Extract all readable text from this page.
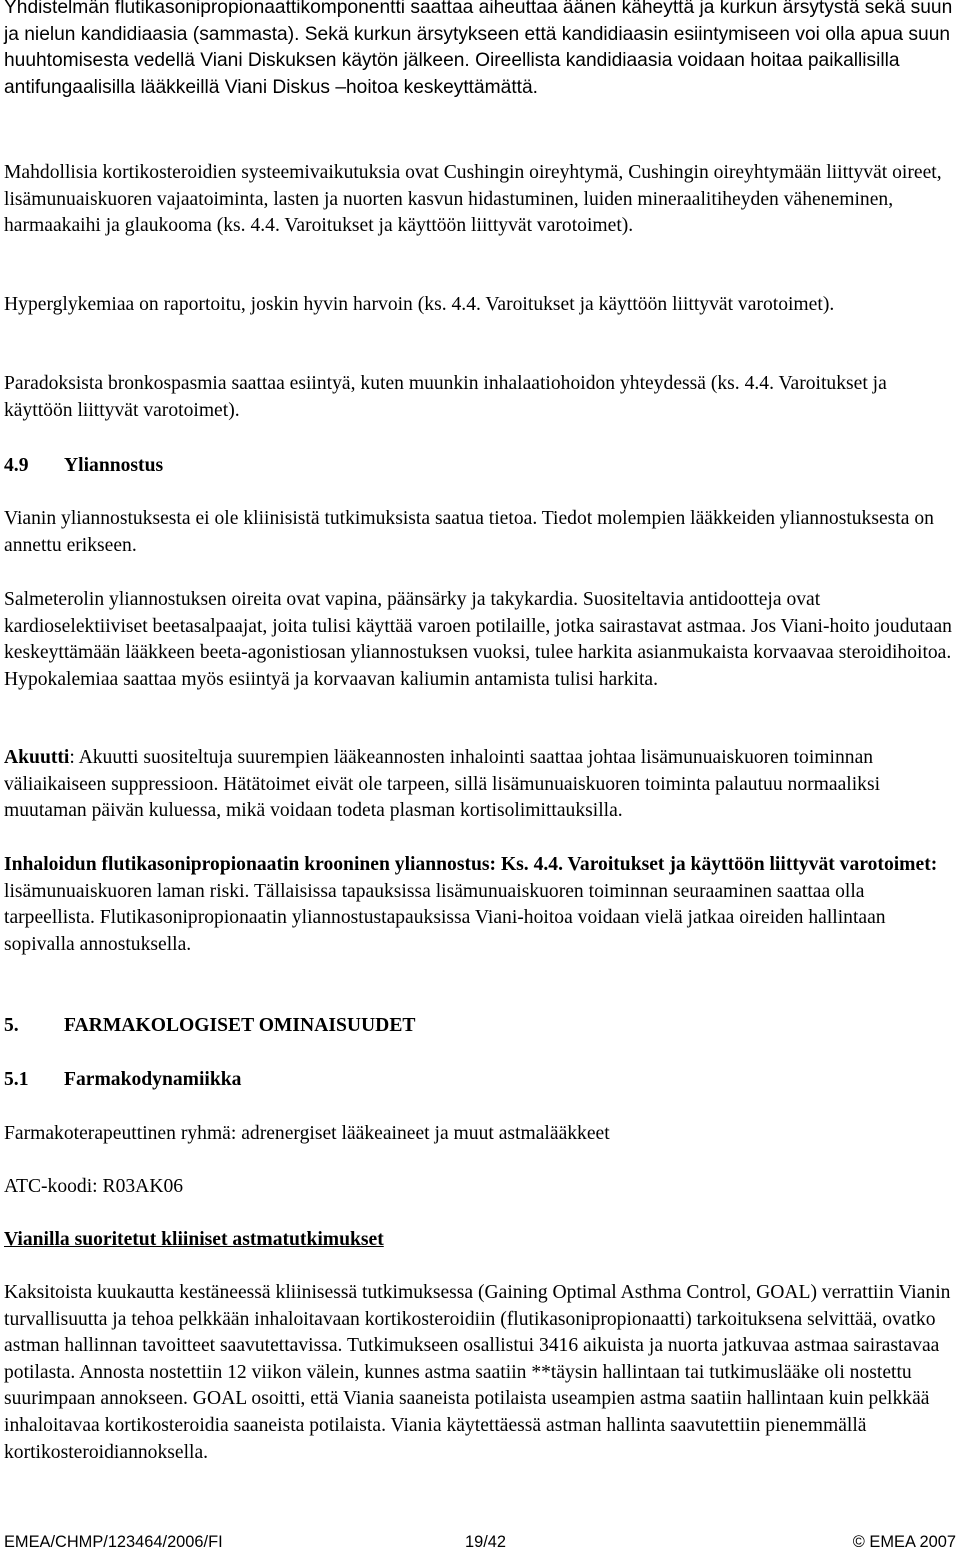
Yhdistelmän flutikasonipropionaattikomponentti saattaa aiheuttaa äänen käheyttä ja kurkun ärsytystä sekä suun ja nielun kandidiaasia (sammasta). Sekä kurkun ärsytykseen että kandidiaasin esiintymiseen voi olla apua suun huuhtomisesta vedellä Viani Diskuksen käytön jälkeen. Oireellista kandidiaasia voidaan hoitaa paikallisilla antifungaalisilla lääkkeillä Viani Diskus –hoitoa keskeyttämättä.

Mahdollisia kortikosteroidien systeemivaikutuksia ovat Cushingin oireyhtymä, Cushingin oireyhtymään liittyvät oireet, lisämunuaiskuoren vajaatoiminta, lasten ja nuorten kasvun hidastuminen, luiden mineraalitiheyden väheneminen, harmaakaihi ja glaukooma (ks. 4.4. Varoitukset ja käyttöön liittyvät varotoimet).

Hyperglykemiaa on raportoitu, joskin hyvin harvoin (ks. 4.4. Varoitukset ja käyttöön liittyvät varotoimet).

Paradoksista bronkospasmia saattaa esiintyä, kuten muunkin inhalaatiohoidon yhteydessä (ks. 4.4. Varoitukset ja käyttöön liittyvät varotoimet).

4.9 Yliannostus

Vianin yliannostuksesta ei ole kliinisistä tutkimuksista saatua tietoa. Tiedot molempien lääkkeiden yliannostuksesta on annettu erikseen.

Salmeterolin yliannostuksen oireita ovat vapina, päänsärky ja takykardia. Suositeltavia antidootteja ovat kardioselektiiviset beetasalpaajat, joita tulisi käyttää varoen potilaille, jotka sairastavat astmaa. Jos Viani-hoito joudutaan keskeyttämään lääkkeen beeta-agonistiosan yliannostuksen vuoksi, tulee harkita asianmukaista korvaavaa steroidihoitoa. Hypokalemiaa saattaa myös esiintyä ja korvaavan kaliumin antamista tulisi harkita.

Akuutti: Akuutti suositeltuja suurempien lääkeannosten inhalointi saattaa johtaa lisämunuaiskuoren toiminnan väliaikaiseen suppressioon. Hätätoimet eivät ole tarpeen, sillä lisämunuaiskuoren toiminta palautuu normaaliksi muutaman päivän kuluessa, mikä voidaan todeta plasman kortisolimittauksilla.

Inhaloidun flutikasonipropionaatin krooninen yliannostus: Ks. 4.4. Varoitukset ja käyttöön liittyvät varotoimet: lisämunuaiskuoren laman riski. Tällaisissa tapauksissa lisämunuaiskuoren toiminnan seuraaminen saattaa olla tarpeellista. Flutikasonipropionaatin yliannostustapauksissa Viani-hoitoa voidaan vielä jatkaa oireiden hallintaan sopivalla annostuksella.

5. FARMAKOLOGISET OMINAISUUDET

5.1 Farmakodynamiikka

Farmakoterapeuttinen ryhmä: adrenergiset lääkeaineet ja muut astmalääkkeet

ATC-koodi: R03AK06

Vianilla suoritetut kliiniset astmatutkimukset

Kaksitoista kuukautta kestäneessä kliinisessä tutkimuksessa (Gaining Optimal Asthma Control, GOAL) verrattiin Vianin turvallisuutta ja tehoa pelkkään inhaloitavaan kortikosteroidiin (flutikasonipropionaatti) tarkoituksena selvittää, ovatko astman hallinnan tavoitteet saavutettavissa. Tutkimukseen osallistui 3416 aikuista ja nuorta jatkuvaa astmaa sairastavaa potilasta. Annosta nostettiin 12 viikon välein, kunnes astma saatiin **täysin hallintaan tai tutkimuslääke oli nostettu suurimpaan annokseen. GOAL osoitti, että Viania saaneista potilaista useampien astma saatiin hallintaan kuin pelkkää inhaloitavaa kortikosteroidia saaneista potilaista. Viania käytettäessä astman hallinta saavutettiin pienemmällä kortikosteroidiannoksella.

EMEA/CHMP/123464/2006/FI	19/42	© EMEA 2007
